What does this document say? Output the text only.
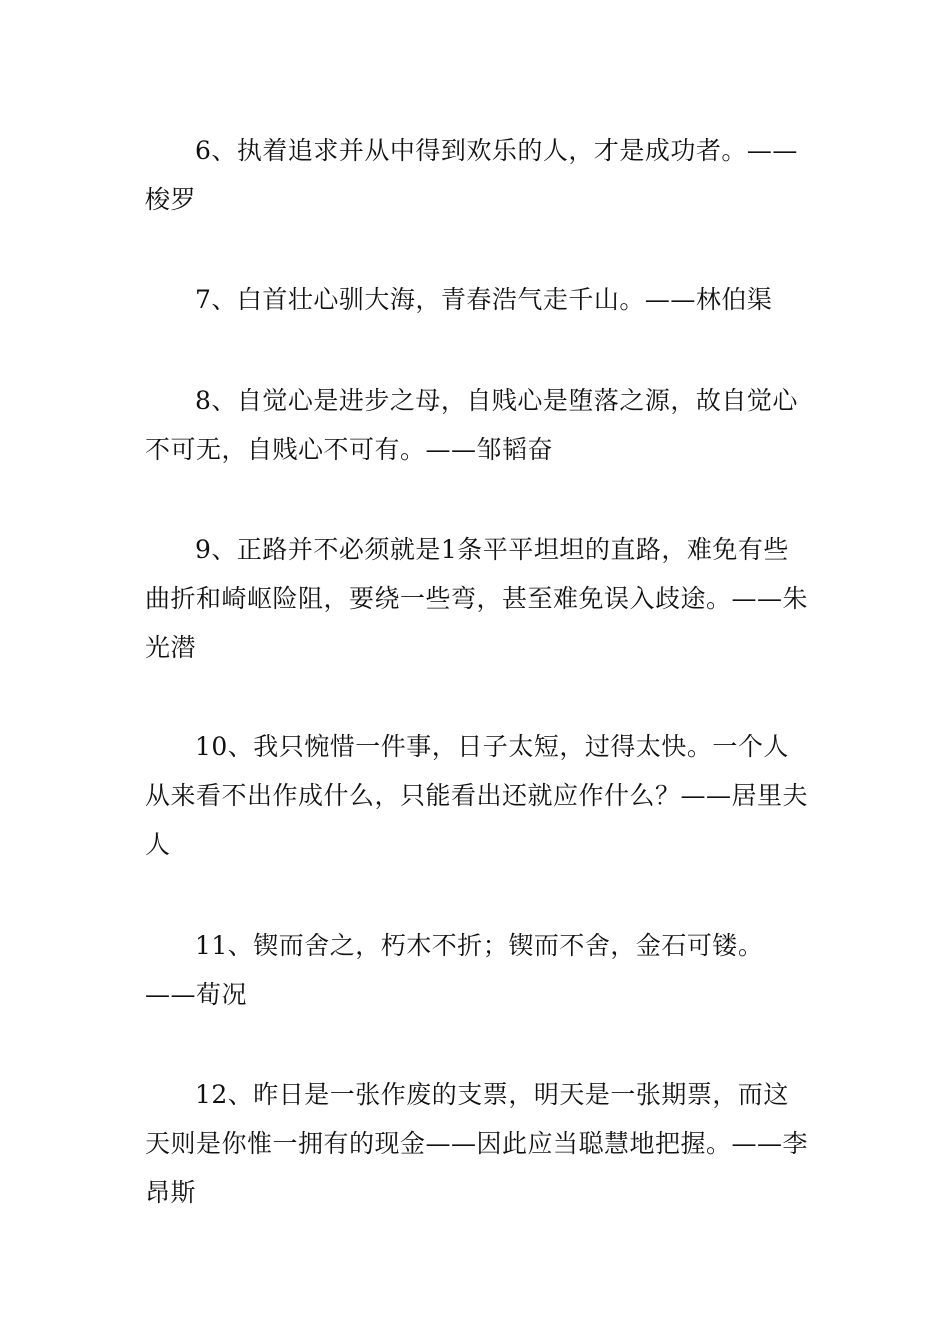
6、执着追求并从中得到欢乐的人，才是成功者。——梭罗

7、白首壮心驯大海，青春浩气走千山。——林伯渠

8、自觉心是进步之母，自贱心是堕落之源，故自觉心不可无，自贱心不可有。——邹韬奋

9、正路并不必须就是1条平平坦坦的直路，难免有些曲折和崎岖险阻，要绕一些弯，甚至难免误入歧途。——朱光潜

10、我只惋惜一件事，日子太短，过得太快。一个人从来看不出作成什么，只能看出还就应作什么？——居里夫人

11、锲而舍之，朽木不折；锲而不舍，金石可镂。——荀况

12、昨日是一张作废的支票，明天是一张期票，而这天则是你惟一拥有的现金——因此应当聪慧地把握。——李昂斯
